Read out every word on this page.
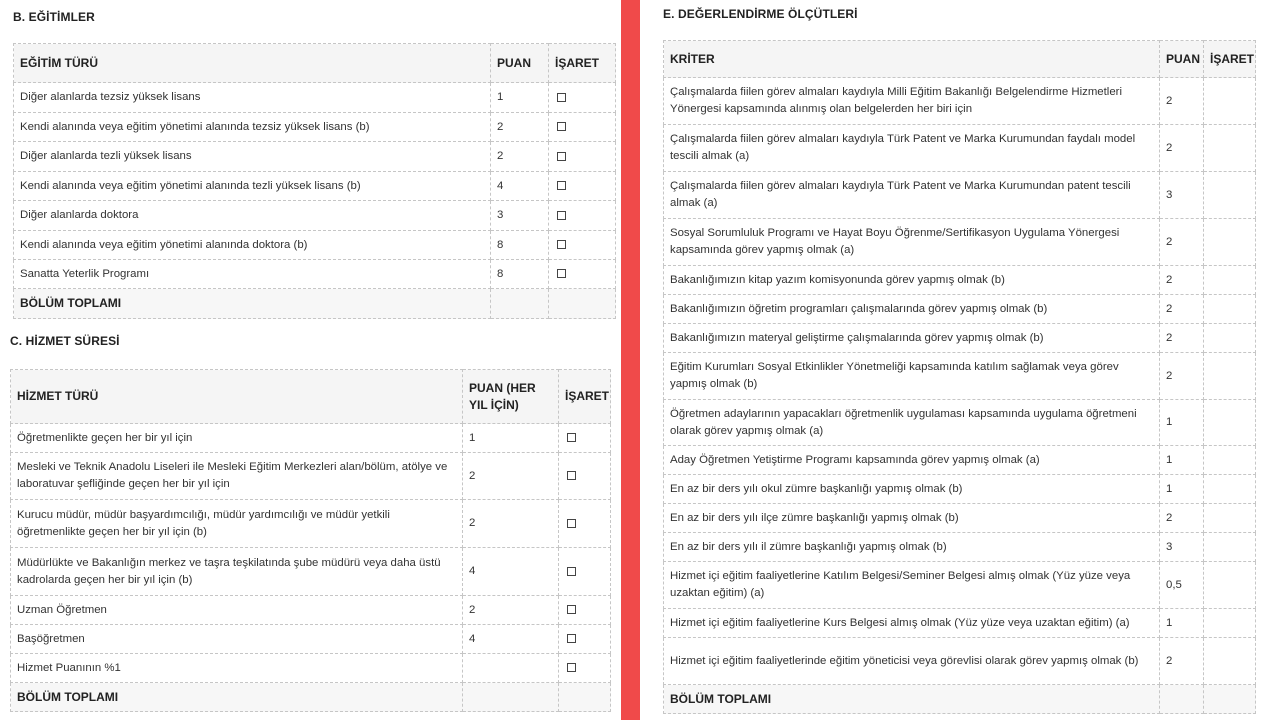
B. EĞİTİMLER
EĞİTİM TÜRÜ	PUAN	İŞARET
Diğer alanlarda tezsiz yüksek lisans	1	
Kendi alanında veya eğitim yönetimi alanında tezsiz yüksek lisans (b)	2	
Diğer alanlarda tezli yüksek lisans	2	
Kendi alanında veya eğitim yönetimi alanında tezli yüksek lisans (b)	4	
Diğer alanlarda doktora	3	
Kendi alanında veya eğitim yönetimi alanında doktora (b)	8	
Sanatta Yeterlik Programı	8	
BÖLÜM TOPLAMI		
C. HİZMET SÜRESİ
HİZMET TÜRÜ	PUAN (HER YIL İÇİN)	İŞARET
Öğretmenlikte geçen her bir yıl için	1	
Mesleki ve Teknik Anadolu Liseleri ile Mesleki Eğitim Merkezleri alan/bölüm, atölye ve laboratuvar şefliğinde geçen her bir yıl için	2	
Kurucu müdür, müdür başyardımcılığı, müdür yardımcılığı ve müdür yetkili öğretmenlikte geçen her bir yıl için (b)	2	
Müdürlükte ve Bakanlığın merkez ve taşra teşkilatında şube müdürü veya daha üstü kadrolarda geçen her bir yıl için (b)	4	
Uzman Öğretmen	2	
Başöğretmen	4	
Hizmet Puanının %1		
BÖLÜM TOPLAMI		
E. DEĞERLENDİRME ÖLÇÜTLERİ
KRİTER	PUAN	İŞARET
Çalışmalarda fiilen görev almaları kaydıyla Milli Eğitim Bakanlığı Belgelendirme Hizmetleri Yönergesi kapsamında alınmış olan belgelerden her biri için	2	
Çalışmalarda fiilen görev almaları kaydıyla Türk Patent ve Marka Kurumundan faydalı model tescili almak (a)	2	
Çalışmalarda fiilen görev almaları kaydıyla Türk Patent ve Marka Kurumundan patent tescili almak (a)	3	
Sosyal Sorumluluk Programı ve Hayat Boyu Öğrenme/Sertifikasyon Uygulama Yönergesi kapsamında görev yapmış olmak (a)	2	
Bakanlığımızın kitap yazım komisyonunda görev yapmış olmak (b)	2	
Bakanlığımızın öğretim programları çalışmalarında görev yapmış olmak (b)	2	
Bakanlığımızın materyal geliştirme çalışmalarında görev yapmış olmak (b)	2	
Eğitim Kurumları Sosyal Etkinlikler Yönetmeliği kapsamında katılım sağlamak veya görev yapmış olmak (b)	2	
Öğretmen adaylarının yapacakları öğretmenlik uygulaması kapsamında uygulama öğretmeni olarak görev yapmış olmak (a)	1	
Aday Öğretmen Yetiştirme Programı kapsamında görev yapmış olmak (a)	1	
En az bir ders yılı okul zümre başkanlığı yapmış olmak (b)	1	
En az bir ders yılı ilçe zümre başkanlığı yapmış olmak (b)	2	
En az bir ders yılı il zümre başkanlığı yapmış olmak (b)	3	
Hizmet içi eğitim faaliyetlerine Katılım Belgesi/Seminer Belgesi almış olmak (Yüz yüze veya uzaktan eğitim) (a)	0,5	
Hizmet içi eğitim faaliyetlerine Kurs Belgesi almış olmak (Yüz yüze veya uzaktan eğitim) (a)	1	
Hizmet içi eğitim faaliyetlerinde eğitim yöneticisi veya görevlisi olarak görev yapmış olmak (b)	2	
BÖLÜM TOPLAMI		
